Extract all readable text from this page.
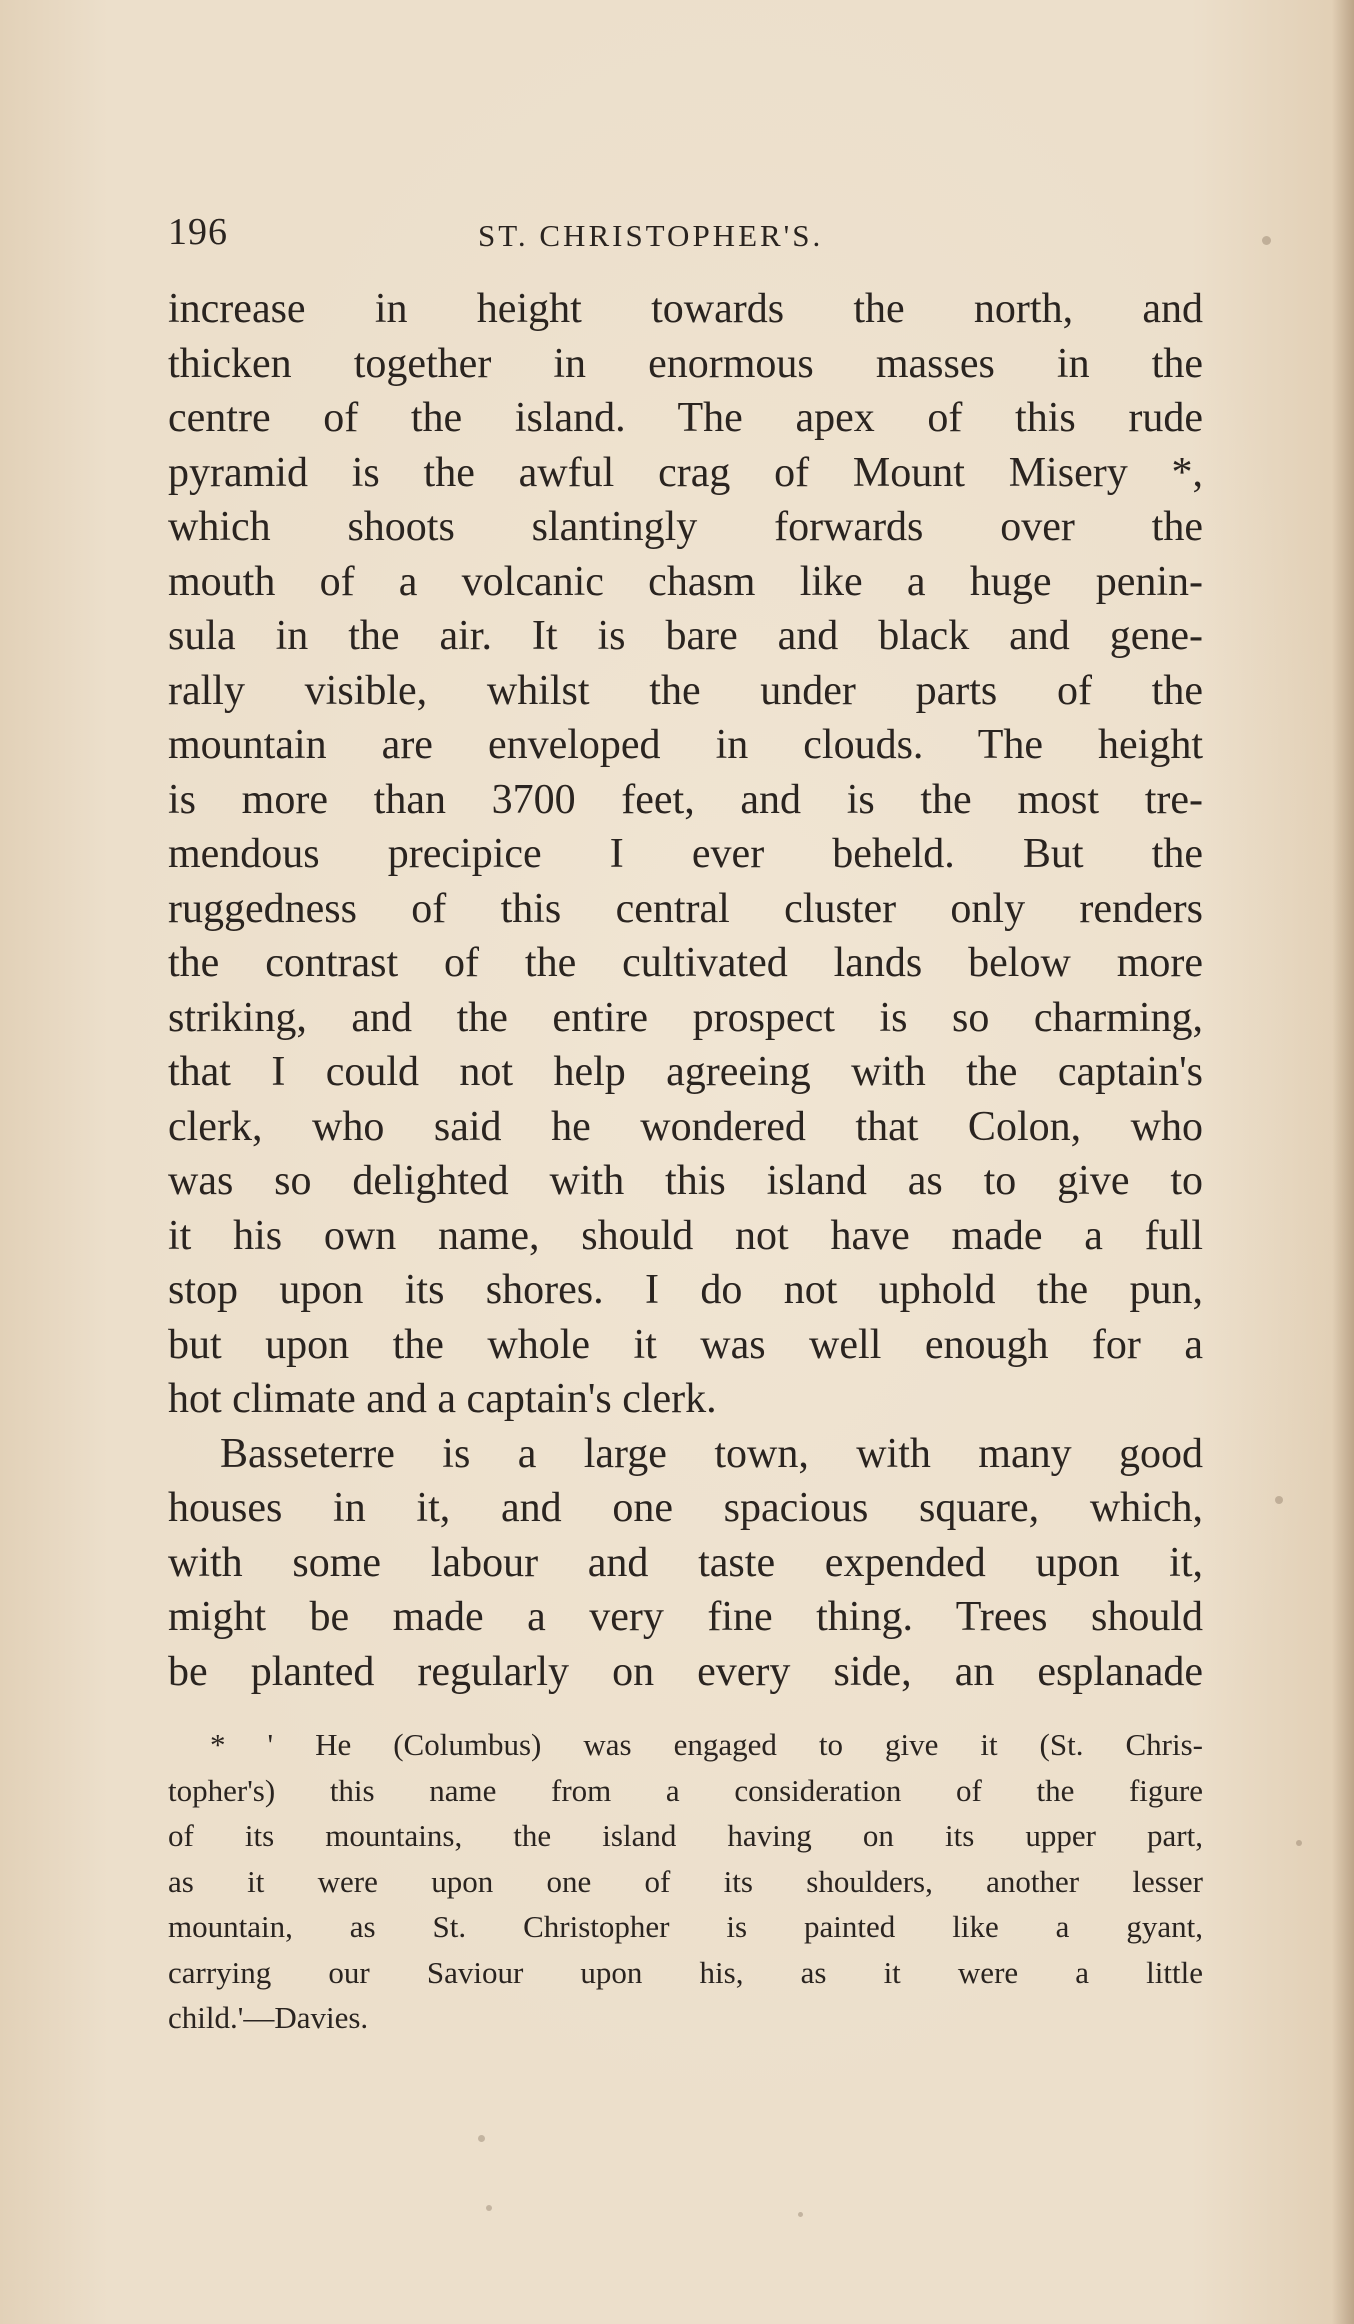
196	ST. CHRISTOPHER'S.
increase in height towards the north, and
thicken together in enormous masses in the
centre of the island. The apex of this rude
pyramid is the awful crag of Mount Misery *,
which shoots slantingly forwards over the
mouth of a volcanic chasm like a huge penin-
sula in the air. It is bare and black and gene-
rally visible, whilst the under parts of the
mountain are enveloped in clouds. The height
is more than 3700 feet, and is the most tre-
mendous precipice I ever beheld. But the
ruggedness of this central cluster only renders
the contrast of the cultivated lands below more
striking, and the entire prospect is so charming,
that I could not help agreeing with the captain's
clerk, who said he wondered that Colon, who
was so delighted with this island as to give to
it his own name, should not have made a full
stop upon its shores. I do not uphold the pun,
but upon the whole it was well enough for a
hot climate and a captain's clerk.
Basseterre is a large town, with many good
houses in it, and one spacious square, which,
with some labour and taste expended upon it,
might be made a very fine thing. Trees should
be planted regularly on every side, an esplanade
* ' He (Columbus) was engaged to give it (St. Chris-
topher's) this name from a consideration of the figure
of its mountains, the island having on its upper part,
as it were upon one of its shoulders, another lesser
mountain, as St. Christopher is painted like a gyant,
carrying our Saviour upon his, as it were a little
child.'—Davies.
